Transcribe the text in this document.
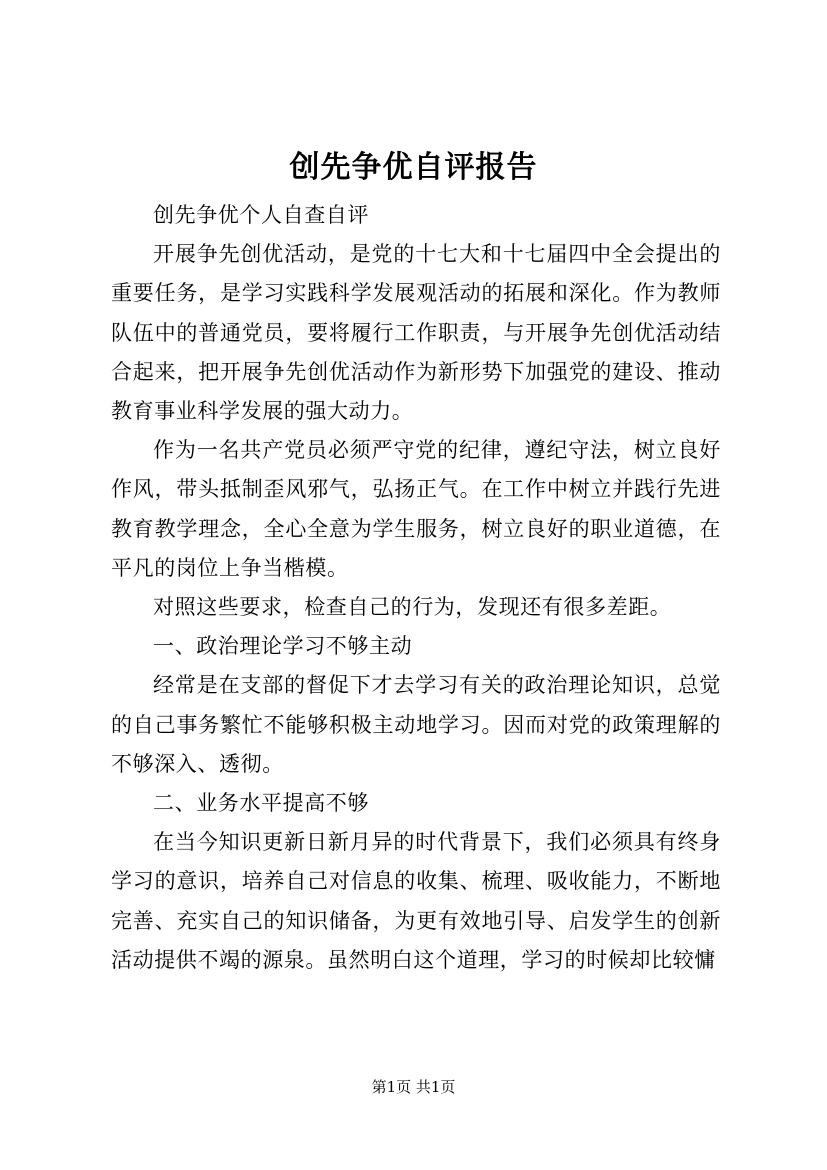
创先争优自评报告

创先争优个人自查自评

开展争先创优活动，是党的十七大和十七届四中全会提出的重要任务，是学习实践科学发展观活动的拓展和深化。作为教师队伍中的普通党员，要将履行工作职责，与开展争先创优活动结合起来，把开展争先创优活动作为新形势下加强党的建设、推动教育事业科学发展的强大动力。

作为一名共产党员必须严守党的纪律，遵纪守法，树立良好作风，带头抵制歪风邪气，弘扬正气。在工作中树立并践行先进教育教学理念，全心全意为学生服务，树立良好的职业道德，在平凡的岗位上争当楷模。

对照这些要求，检查自己的行为，发现还有很多差距。

一、政治理论学习不够主动

经常是在支部的督促下才去学习有关的政治理论知识，总觉的自己事务繁忙不能够积极主动地学习。因而对党的政策理解的不够深入、透彻。

二、业务水平提高不够

在当今知识更新日新月异的时代背景下，我们必须具有终身学习的意识，培养自己对信息的收集、梳理、吸收能力，不断地完善、充实自己的知识储备，为更有效地引导、启发学生的创新活动提供不竭的源泉。虽然明白这个道理，学习的时候却比较慵

第1页 共1页
